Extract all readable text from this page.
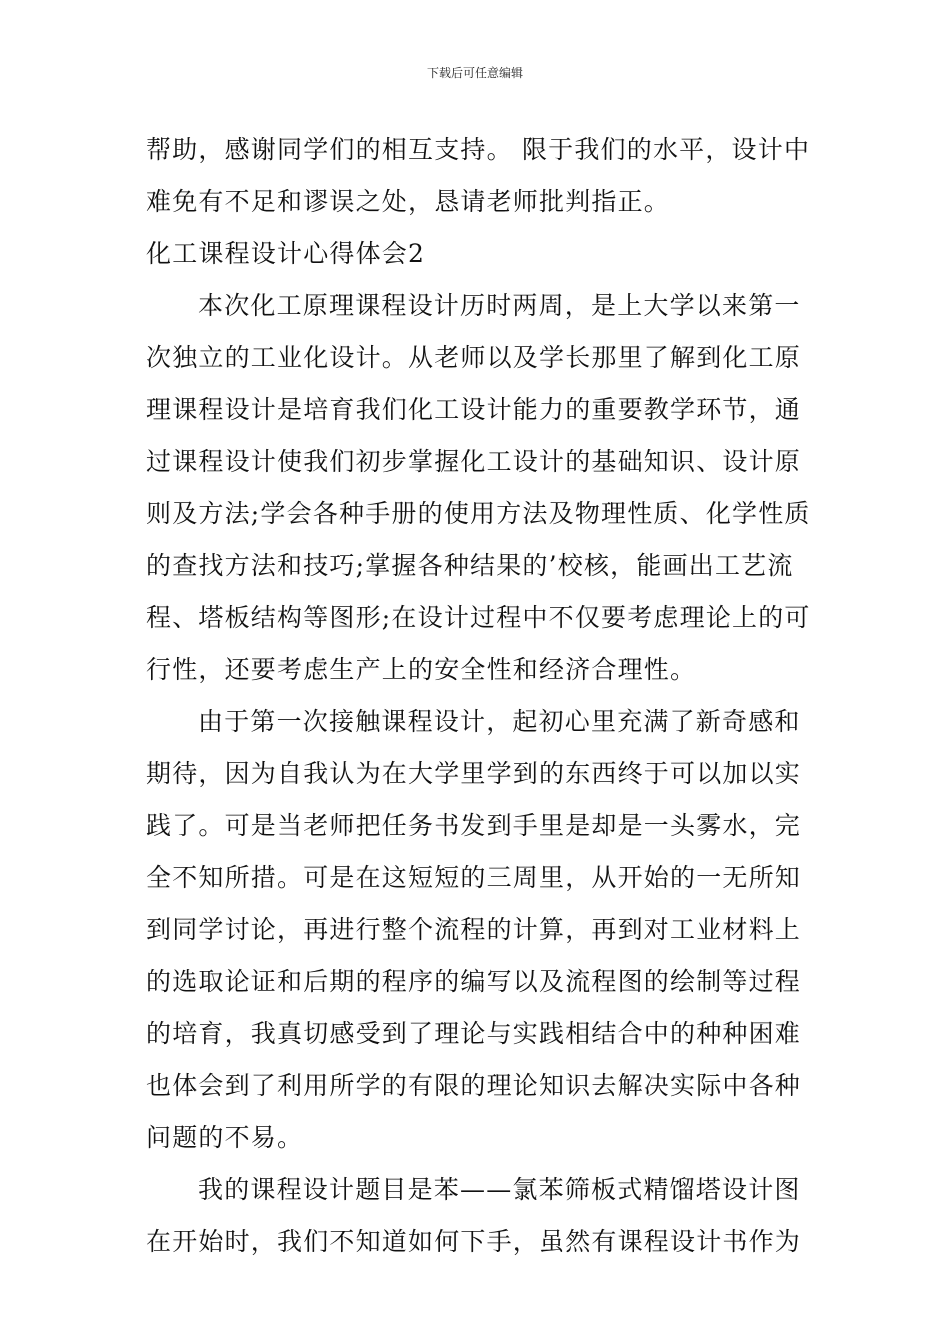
下载后可任意编辑
帮助，感谢同学们的相互支持。 限于我们的水平，设计中
难免有不足和谬误之处，恳请老师批判指正。
化工课程设计心得体会2
本次化工原理课程设计历时两周，是上大学以来第一
次独立的工业化设计。从老师以及学长那里了解到化工原
理课程设计是培育我们化工设计能力的重要教学环节，通
过课程设计使我们初步掌握化工设计的基础知识、设计原
则及方法;学会各种手册的使用方法及物理性质、化学性质
的查找方法和技巧;掌握各种结果的’校核，能画出工艺流
程、塔板结构等图形;在设计过程中不仅要考虑理论上的可
行性，还要考虑生产上的安全性和经济合理性。
由于第一次接触课程设计，起初心里充满了新奇感和
期待，因为自我认为在大学里学到的东西终于可以加以实
践了。可是当老师把任务书发到手里是却是一头雾水，完
全不知所措。可是在这短短的三周里，从开始的一无所知
到同学讨论，再进行整个流程的计算，再到对工业材料上
的选取论证和后期的程序的编写以及流程图的绘制等过程
的培育，我真切感受到了理论与实践相结合中的种种困难
也体会到了利用所学的有限的理论知识去解决实际中各种
问题的不易。
我的课程设计题目是苯——氯苯筛板式精馏塔设计图
在开始时，我们不知道如何下手，虽然有课程设计书作为
